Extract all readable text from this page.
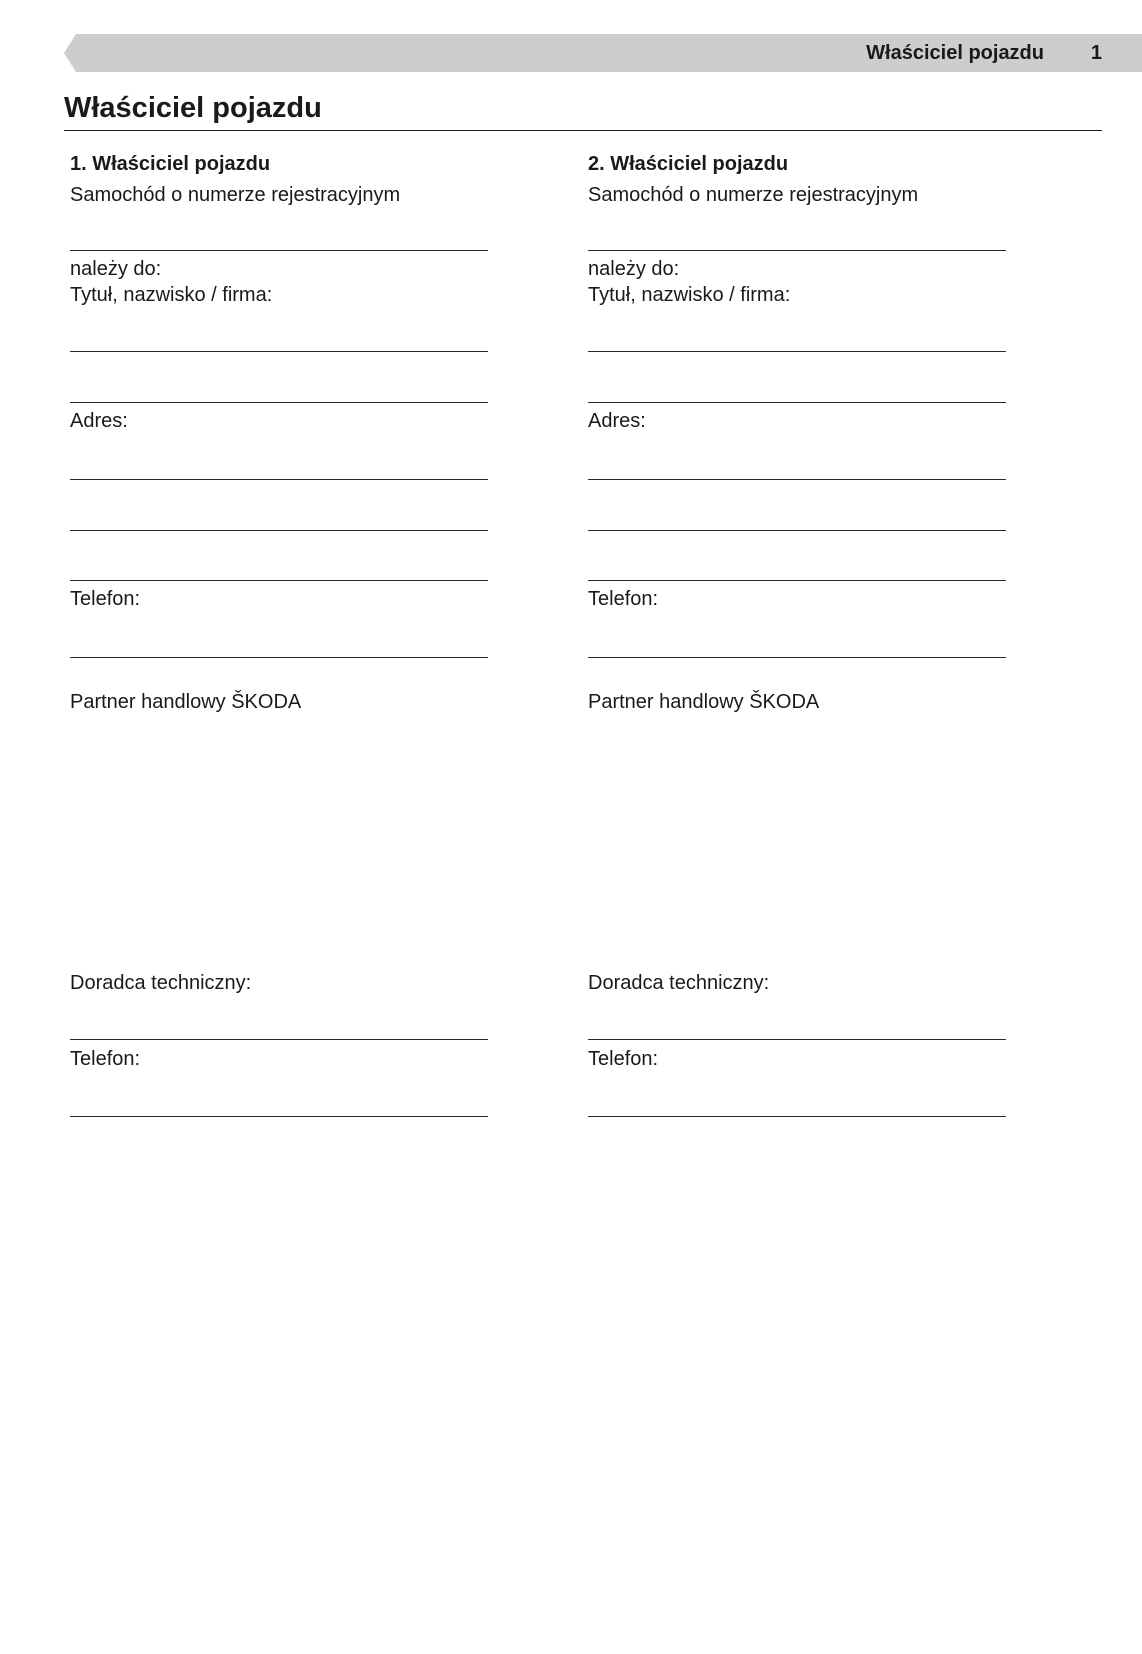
Właściciel pojazdu 1
Właściciel pojazdu
1. Właściciel pojazdu
Samochód o numerze rejestracyjnym
należy do:
Tytuł, nazwisko / firma:
Adres:
Telefon:
Partner handlowy ŠKODA
Doradca techniczny:
Telefon:
2. Właściciel pojazdu
Samochód o numerze rejestracyjnym
należy do:
Tytuł, nazwisko / firma:
Adres:
Telefon:
Partner handlowy ŠKODA
Doradca techniczny:
Telefon:
